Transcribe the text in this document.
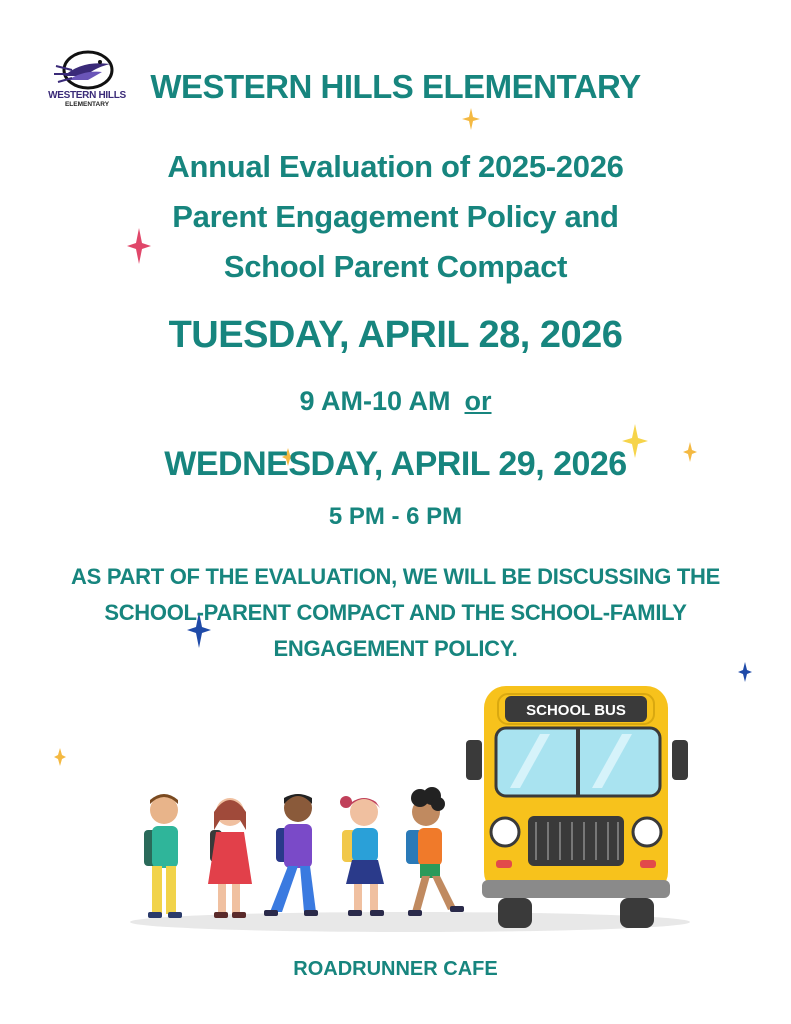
WESTERN HILLS
ELEMENTARY	WESTERN HILLS ELEMENTARY
Annual Evaluation of 2025-2026
Parent Engagement Policy and
School Parent Compact
TUESDAY, APRIL 28, 2026
9 AM-10 AM or
WEDNESDAY, APRIL 29, 2026
5 PM - 6 PM
AS PART OF THE EVALUATION, WE WILL BE DISCUSSING THE
SCHOOL-PARENT COMPACT AND THE SCHOOL-FAMILY
ENGAGEMENT POLICY.
SCHOOL BUS
ROADRUNNER CAFE
